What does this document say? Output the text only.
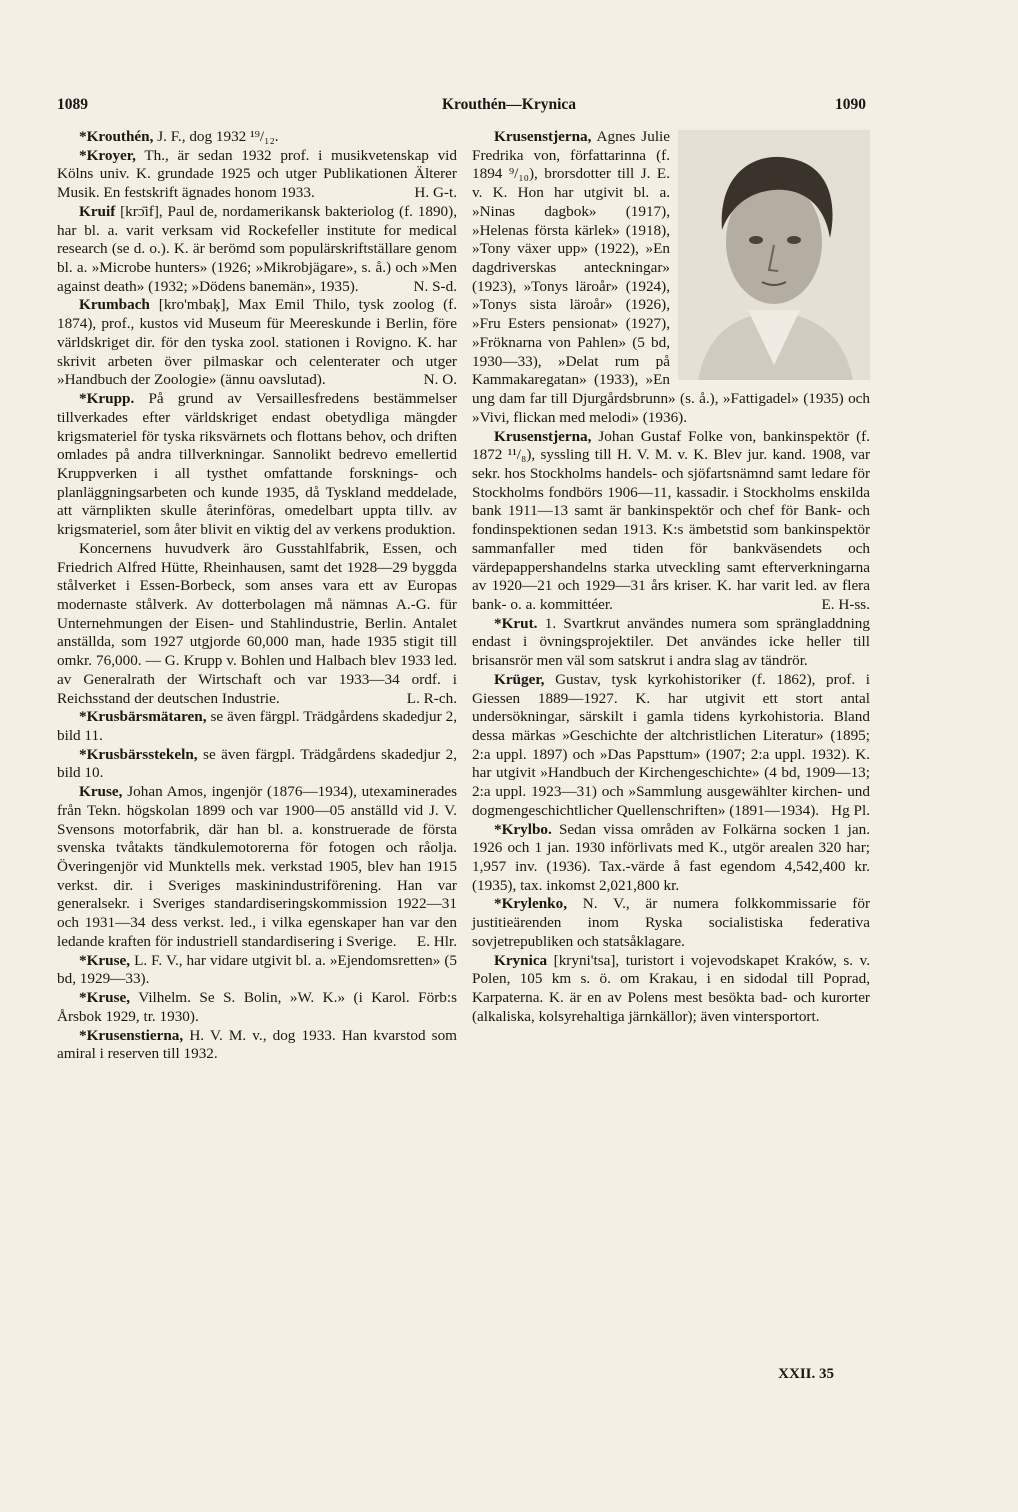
1089	Krouthén—Krynica	1090

*Krouthén, J. F., dog 1932 ¹⁹/₁₂.

*Kroyer, Th., är sedan 1932 prof. i musikvetenskap vid Kölns univ. K. grundade 1925 och utger Publikationen Älterer Musik. En festskrift ägnades honom 1933.	H. G-t.

Kruif [krɔ̄if], Paul de, nordamerikansk bakteriolog (f. 1890), har bl. a. varit verksam vid Rockefeller institute for medical research (se d. o.). K. är berömd som populärskriftställare genom bl. a. »Microbe hunters» (1926; »Mikrobjägare», s. å.) och »Men against death» (1932; »Dödens banemän», 1935).	N. S-d.

Krumbach [kro'mbaķ], Max Emil Thilo, tysk zoolog (f. 1874), prof., kustos vid Museum für Meereskunde i Berlin, före världskriget dir. för den tyska zool. stationen i Rovigno. K. har skrivit arbeten över pilmaskar och celenterater och utger »Handbuch der Zoologie» (ännu oavslutad).	N. O.

*Krupp. På grund av Versaillesfredens bestämmelser tillverkades efter världskriget endast obetydliga mängder krigsmateriel för tyska riksvärnets och flottans behov, och driften omlades på andra tillverkningar. Sannolikt bedrevo emellertid Kruppverken i all tysthet omfattande forsknings- och planläggningsarbeten och kunde 1935, då Tyskland meddelade, att värnplikten skulle återinföras, omedelbart uppta tillv. av krigsmateriel, som åter blivit en viktig del av verkens produktion.

Koncernens huvudverk äro Gusstahlfabrik, Essen, och Friedrich Alfred Hütte, Rheinhausen, samt det 1928—29 byggda stålverket i Essen-Borbeck, som anses vara ett av Europas modernaste stålverk. Av dotterbolagen må nämnas A.-G. für Unternehmungen der Eisen- und Stahlindustrie, Berlin. Antalet anställda, som 1927 utgjorde 60,000 man, hade 1935 stigit till omkr. 76,000. — G. Krupp v. Bohlen und Halbach blev 1933 led. av Generalrath der Wirtschaft och var 1933—34 ordf. i Reichsstand der deutschen Industrie.	L. R-ch.

*Krusbärsmätaren, se även färgpl. Trädgårdens skadedjur 2, bild 11.

*Krusbärsstekeln, se även färgpl. Trädgårdens skadedjur 2, bild 10.

Kruse, Johan Amos, ingenjör (1876—1934), utexaminerades från Tekn. högskolan 1899 och var 1900—05 anställd vid J. V. Svensons motorfabrik, där han bl. a. konstruerade de första svenska tvåtakts tändkulemotorerna för fotogen och råolja. Överingenjör vid Munktells mek. verkstad 1905, blev han 1915 verkst. dir. i Sveriges maskinindustriförening. Han var generalsekr. i Sveriges standardiseringskommission 1922—31 och 1931—34 dess verkst. led., i vilka egenskaper han var den ledande kraften för industriell standardisering i Sverige. E. Hlr.

*Kruse, L. F. V., har vidare utgivit bl. a. »Ejendomsretten» (5 bd, 1929—33).

*Kruse, Vilhelm. Se S. Bolin, »W. K.» (i Karol. Förb:s Årsbok 1929, tr. 1930).

*Krusenstierna, H. V. M. v., dog 1933. Han kvarstod som amiral i reserven till 1932.

Krusenstjerna, Agnes Julie Fredrika von, författarinna (f. 1894 ⁹/₁₀), brorsdotter till J. E. v. K. Hon har utgivit bl. a. »Ninas dagbok» (1917), »Helenas första kärlek» (1918), »Tony växer upp» (1922), »En dagdriverskas anteckningar» (1923), »Tonys läroår» (1924), »Tonys sista läroår» (1926), »Fru Esters pensionat» (1927), »Fröknarna von Pahlen» (5 bd, 1930—33), »Delat rum på Kammakaregatan» (1933), »En ung dam far till Djurgårdsbrunn» (s. å.), »Fattigadel» (1935) och »Vivi, flickan med melodi» (1936).

Krusenstjerna, Johan Gustaf Folke von, bankinspektör (f. 1872 ¹¹/₈), syssling till H. V. M. v. K. Blev jur. kand. 1908, var sekr. hos Stockholms handels- och sjöfartsnämnd samt ledare för Stockholms fondbörs 1906—11, kassadir. i Stockholms enskilda bank 1911—13 samt är bankinspektör och chef för Bank- och fondinspektionen sedan 1913. K:s ämbetstid som bankinspektör sammanfaller med tiden för bankväsendets och värdepappershandelns starka utveckling samt efterverkningarna av 1920—21 och 1929—31 års kriser. K. har varit led. av flera bank- o. a. kommittéer.	E. H-ss.

*Krut. 1. Svartkrut användes numera som sprängladdning endast i övningsprojektiler. Det användes icke heller till brisansrör men väl som satskrut i andra slag av tändrör.

Krüger, Gustav, tysk kyrkohistoriker (f. 1862), prof. i Giessen 1889—1927. K. har utgivit ett stort antal undersökningar, särskilt i gamla tidens kyrkohistoria. Bland dessa märkas »Geschichte der altchristlichen Literatur» (1895; 2:a uppl. 1897) och »Das Papsttum» (1907; 2:a uppl. 1932). K. har utgivit »Handbuch der Kirchengeschichte» (4 bd, 1909—13; 2:a uppl. 1923—31) och »Sammlung ausgewählter kirchen- und dogmengeschichtlicher Quellenschriften» (1891—1934). Hg Pl.

*Krylbo. Sedan vissa områden av Folkärna socken 1 jan. 1926 och 1 jan. 1930 införlivats med K., utgör arealen 320 har; 1,957 inv. (1936). Tax.-värde å fast egendom 4,542,400 kr. (1935), tax. inkomst 2,021,800 kr.

*Krylenko, N. V., är numera folkkommissarie för justitieärenden inom Ryska socialistiska federativa sovjetrepubliken och statsåklagare.

Krynica [kryni'tsa], turistort i vojevodskapet Kraków, s. v. Polen, 105 km s. ö. om Krakau, i en sidodal till Poprad, Karpaterna. K. är en av Polens mest besökta bad- och kurorter (alkaliska, kolsyrehaltiga järnkällor); även vintersportort.

XXII. 35
